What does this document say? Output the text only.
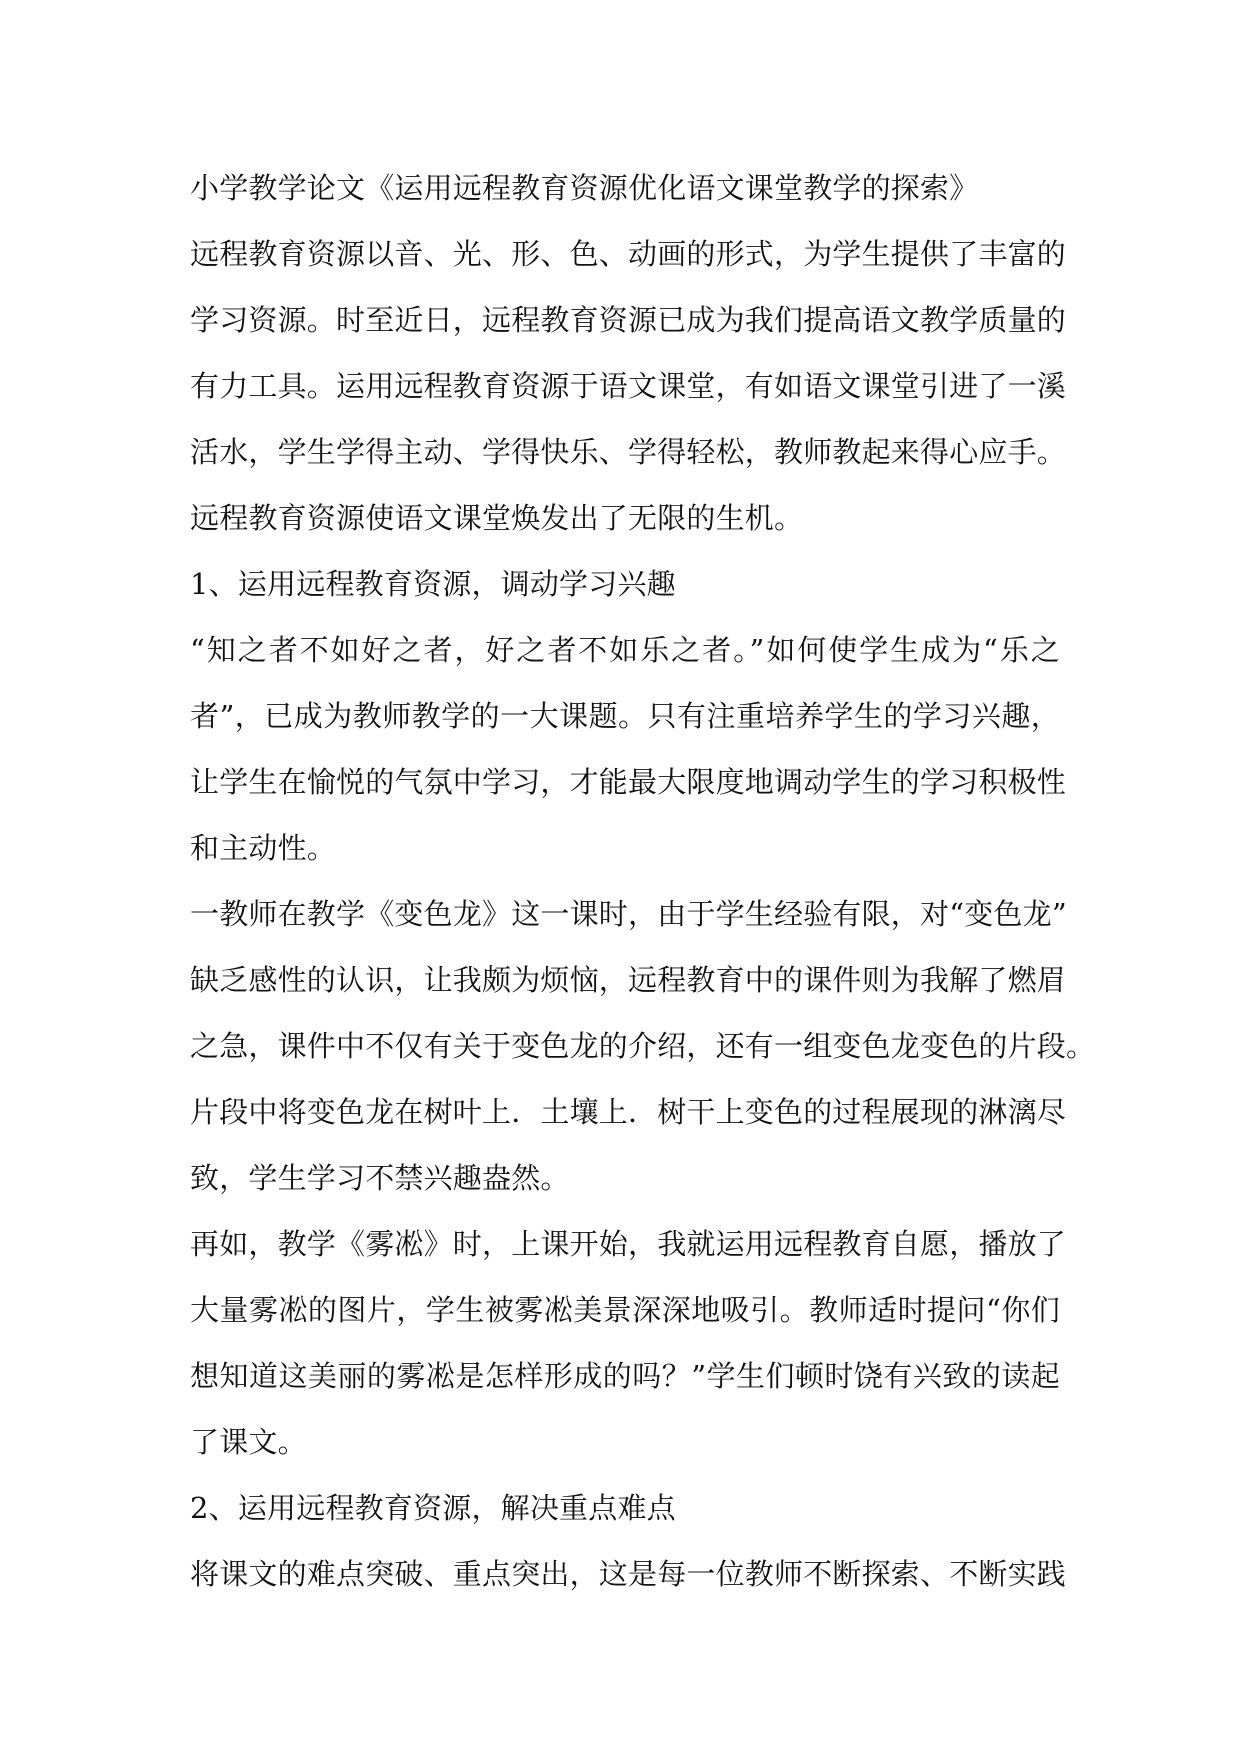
小学教学论文《运用远程教育资源优化语文课堂教学的探索》
远程教育资源以音、光、形、色、动画的形式，为学生提供了丰富的
学习资源。时至近日，远程教育资源已成为我们提高语文教学质量的
有力工具。运用远程教育资源于语文课堂，有如语文课堂引进了一溪
活水，学生学得主动、学得快乐、学得轻松，教师教起来得心应手。
远程教育资源使语文课堂焕发出了无限的生机。
1、运用远程教育资源，调动学习兴趣
“知之者不如好之者，好之者不如乐之者。”如何使学生成为“乐之
者”，已成为教师教学的一大课题。只有注重培养学生的学习兴趣，
让学生在愉悦的气氛中学习，才能最大限度地调动学生的学习积极性
和主动性。
一教师在教学《变色龙》这一课时，由于学生经验有限，对“变色龙”
缺乏感性的认识，让我颇为烦恼，远程教育中的课件则为我解了燃眉
之急，课件中不仅有关于变色龙的介绍，还有一组变色龙变色的片段。
片段中将变色龙在树叶上．土壤上．树干上变色的过程展现的淋漓尽
致，学生学习不禁兴趣盎然。
再如，教学《雾凇》时，上课开始，我就运用远程教育自愿，播放了
大量雾凇的图片，学生被雾凇美景深深地吸引。教师适时提问“你们
想知道这美丽的雾凇是怎样形成的吗？”学生们顿时饶有兴致的读起
了课文。
2、运用远程教育资源，解决重点难点
将课文的难点突破、重点突出，这是每一位教师不断探索、不断实践
